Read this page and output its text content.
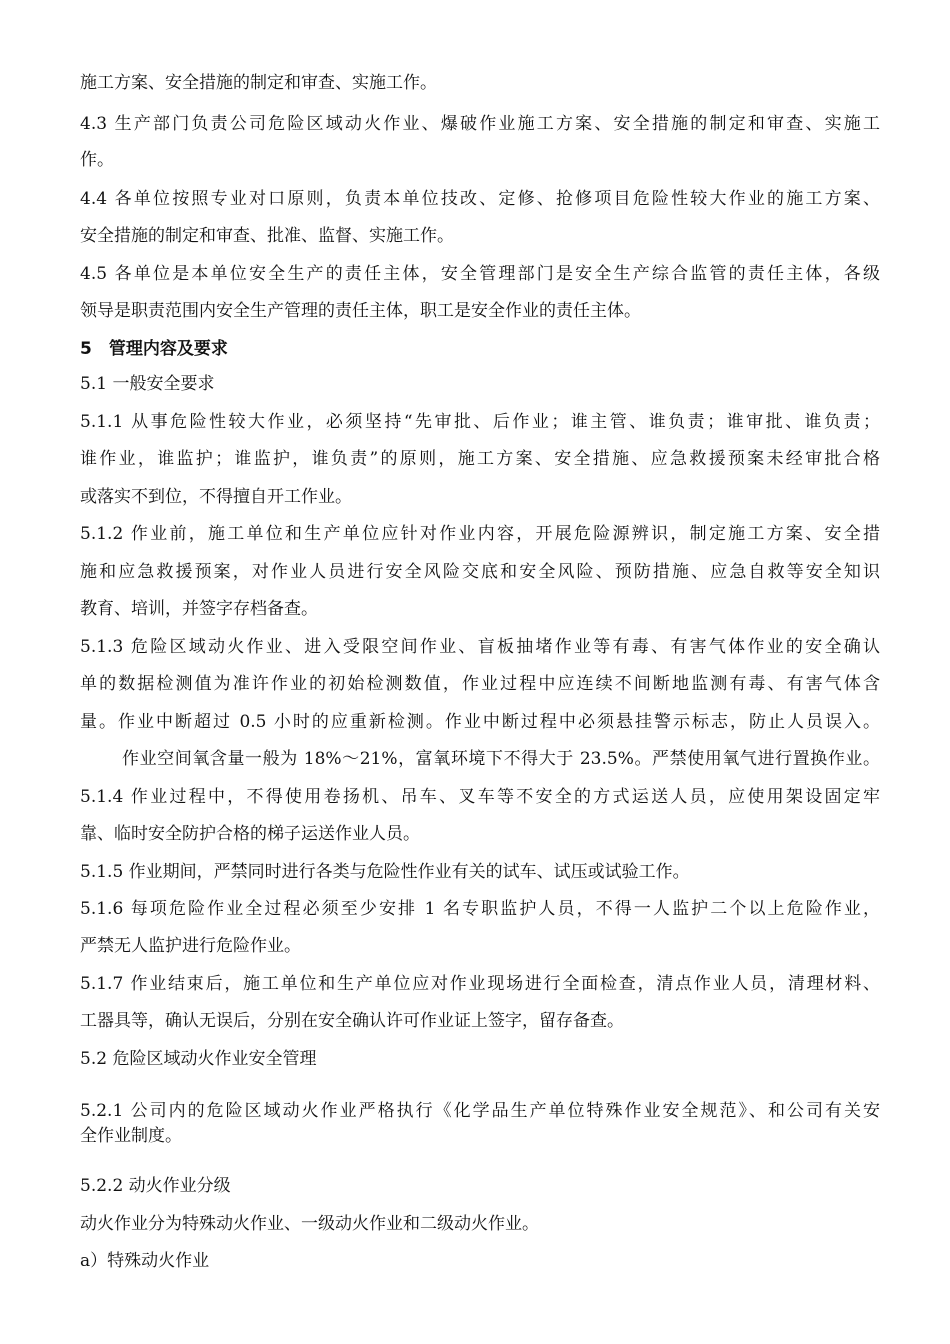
施工方案、安全措施的制定和审查、实施工作。
4.3 生产部门负责公司危险区域动火作业、爆破作业施工方案、安全措施的制定和审查、实施工
作。
4.4 各单位按照专业对口原则，负责本单位技改、定修、抢修项目危险性较大作业的施工方案、
安全措施的制定和审查、批准、监督、实施工作。
4.5 各单位是本单位安全生产的责任主体，安全管理部门是安全生产综合监管的责任主体，各级
领导是职责范围内安全生产管理的责任主体，职工是安全作业的责任主体。
5　管理内容及要求
5.1 一般安全要求
5.1.1 从事危险性较大作业，必须坚持“先审批、后作业；谁主管、谁负责；谁审批、谁负责；
谁作业，谁监护；谁监护，谁负责”的原则，施工方案、安全措施、应急救援预案未经审批合格
或落实不到位，不得擅自开工作业。
5.1.2 作业前，施工单位和生产单位应针对作业内容，开展危险源辨识，制定施工方案、安全措
施和应急救援预案，对作业人员进行安全风险交底和安全风险、预防措施、应急自救等安全知识
教育、培训，并签字存档备查。
5.1.3 危险区域动火作业、进入受限空间作业、盲板抽堵作业等有毒、有害气体作业的安全确认
单的数据检测值为准许作业的初始检测数值，作业过程中应连续不间断地监测有毒、有害气体含
量。作业中断超过 0.5 小时的应重新检测。作业中断过程中必须悬挂警示标志，防止人员误入。
作业空间氧含量一般为 18%～21%，富氧环境下不得大于 23.5%。严禁使用氧气进行置换作业。
5.1.4 作业过程中，不得使用卷扬机、吊车、叉车等不安全的方式运送人员，应使用架设固定牢
靠、临时安全防护合格的梯子运送作业人员。
5.1.5 作业期间，严禁同时进行各类与危险性作业有关的试车、试压或试验工作。
5.1.6 每项危险作业全过程必须至少安排 1 名专职监护人员，不得一人监护二个以上危险作业，
严禁无人监护进行危险作业。
5.1.7 作业结束后，施工单位和生产单位应对作业现场进行全面检查，清点作业人员，清理材料、
工器具等，确认无误后，分别在安全确认许可作业证上签字，留存备查。
5.2 危险区域动火作业安全管理
5.2.1 公司内的危险区域动火作业严格执行《化学品生产单位特殊作业安全规范》、和公司有关安
全作业制度。
5.2.2 动火作业分级
动火作业分为特殊动火作业、一级动火作业和二级动火作业。
a）特殊动火作业
